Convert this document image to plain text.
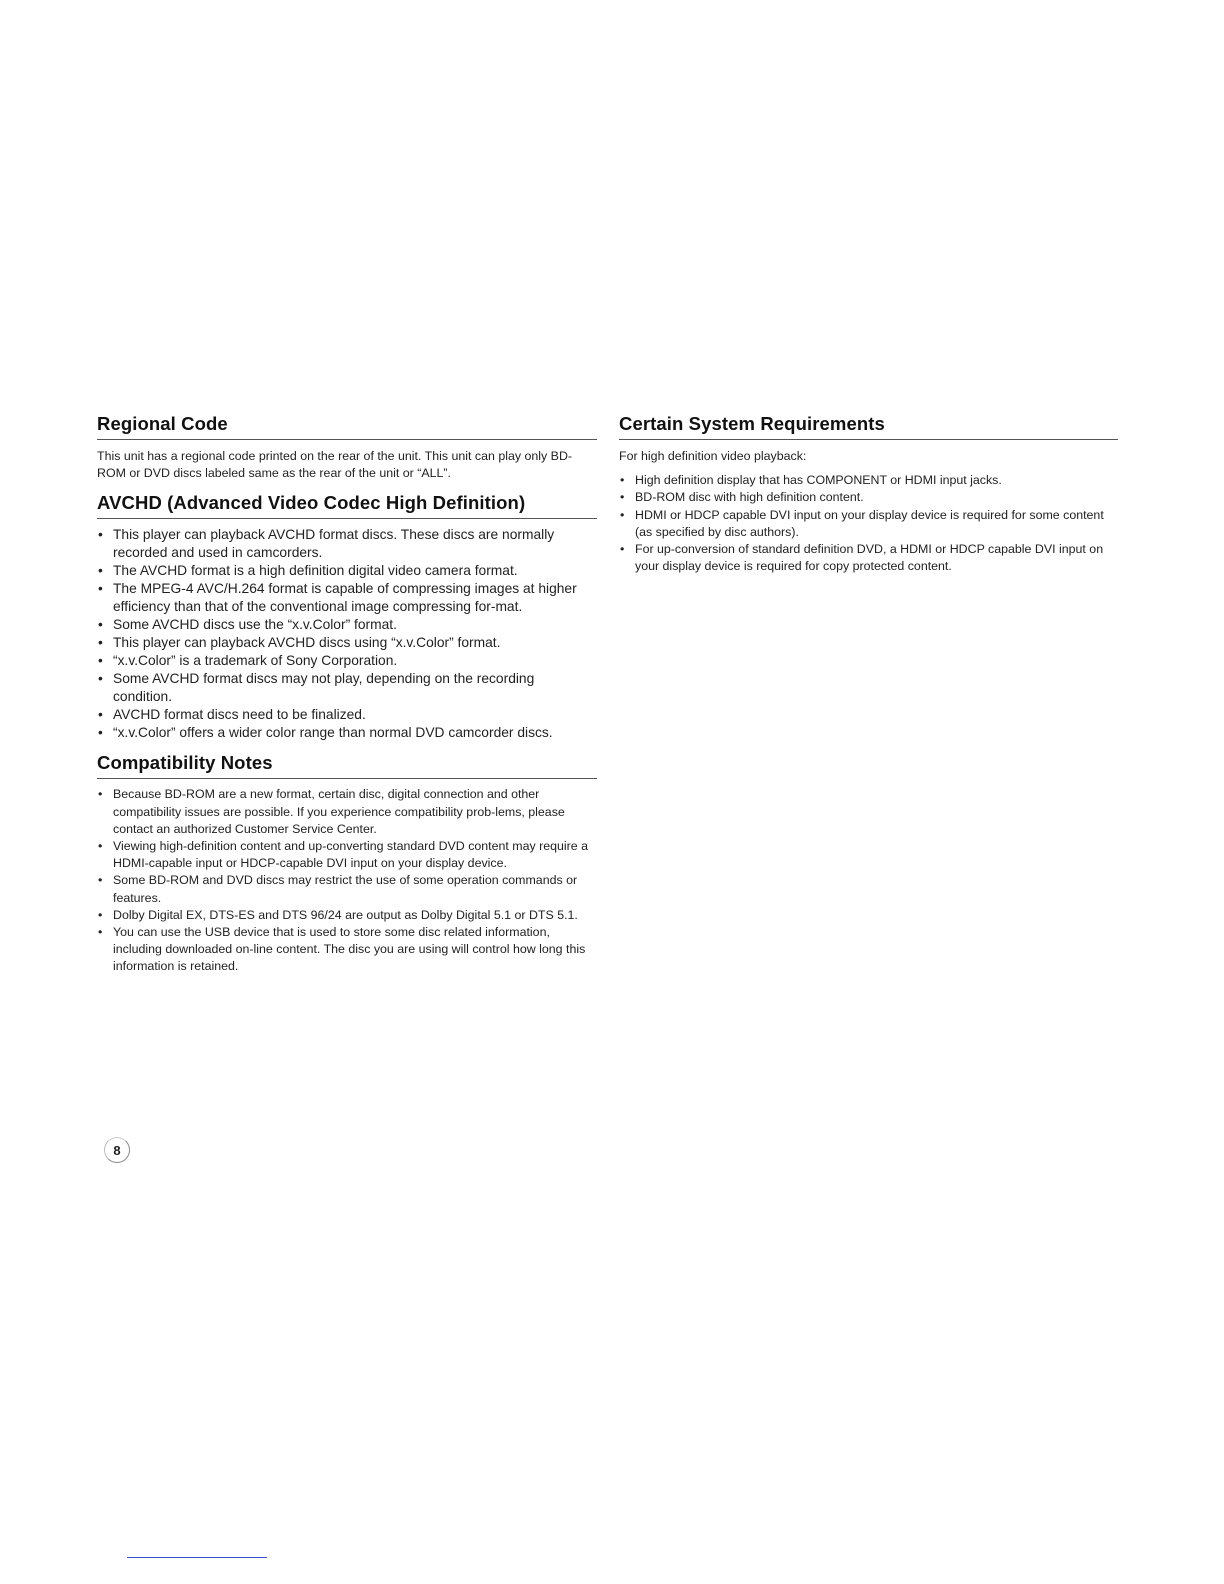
Regional Code

This unit has a regional code printed on the rear of the unit. This unit can play only BD-ROM or DVD discs labeled same as the rear of the unit or “ALL”.

AVCHD (Advanced Video Codec High Definition)
• This player can playback AVCHD format discs. These discs are normally recorded and used in camcorders.
• The AVCHD format is a high definition digital video camera format.
• The MPEG-4 AVC/H.264 format is capable of compressing images at higher efficiency than that of the conventional image compressing for-mat.
• Some AVCHD discs use the “x.v.Color” format.
• This player can playback AVCHD discs using “x.v.Color” format.
• “x.v.Color” is a trademark of Sony Corporation.
• Some AVCHD format discs may not play, depending on the recording condition.
• AVCHD format discs need to be finalized.
• “x.v.Color” offers a wider color range than normal DVD camcorder discs.
Compatibility Notes
• Because BD-ROM are a new format, certain disc, digital connection and other compatibility issues are possible. If you experience compatibility prob-lems, please contact an authorized Customer Service Center.
• Viewing high-definition content and up-converting standard DVD content may require a HDMI-capable input or HDCP-capable DVI input on your display device.
• Some BD-ROM and DVD discs may restrict the use of some operation commands or features.
• Dolby Digital EX, DTS-ES and DTS 96/24 are output as Dolby Digital 5.1 or DTS 5.1.
• You can use the USB device that is used to store some disc related information, including downloaded on-line content. The disc you are using will control how long this information is retained.
Certain System Requirements

For high definition video playback:

• High definition display that has COMPONENT or HDMI input jacks.
• BD-ROM disc with high definition content.
• HDMI or HDCP capable DVI input on your display device is required for some content (as specified by disc authors).
• For up-conversion of standard definition DVD, a HDMI or HDCP capable DVI input on your display device is required for copy protected content.
8
